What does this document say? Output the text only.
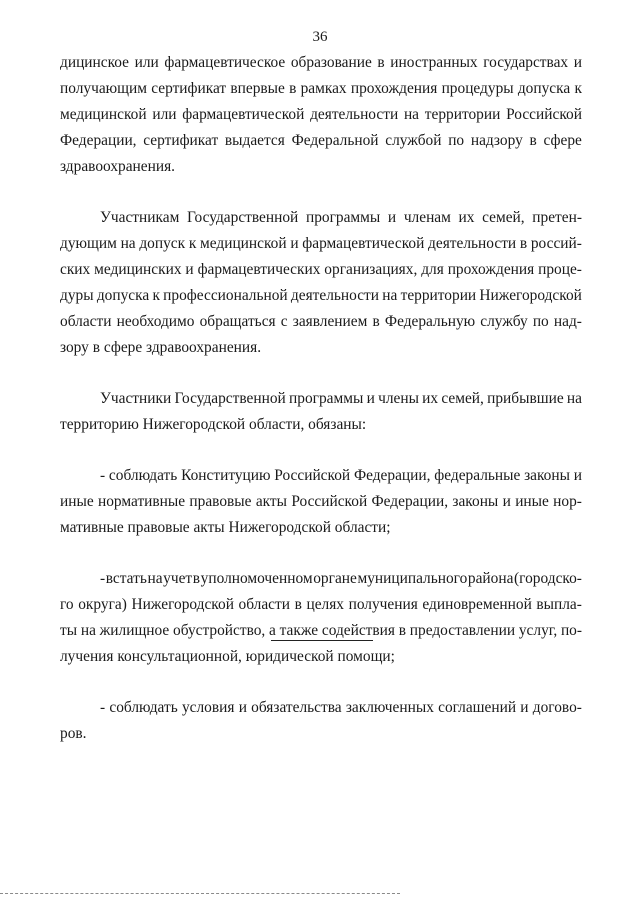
36
дицинское или фармацевтическое образование в иностранных государствах и
получающим сертификат впервые в рамках прохождения процедуры допуска к
медицинской или фармацевтической деятельности на территории Российской
Федерации, сертификат выдается Федеральной службой по надзору в сфере
здравоохранения.
Участникам Государственной программы и членам их семей, претен-
дующим на допуск к медицинской и фармацевтической деятельности в россий-
ских медицинских и фармацевтических организациях, для прохождения проце-
дуры допуска к профессиональной деятельности на территории Нижегородской
области необходимо обращаться с заявлением в Федеральную службу по над-
зору в сфере здравоохранения.
Участники Государственной программы и члены их семей, прибывшие на
территорию Нижегородской области, обязаны:
- соблюдать Конституцию Российской Федерации, федеральные законы и
иные нормативные правовые акты Российской Федерации, законы и иные нор-
мативные правовые акты Нижегородской области;
- встать на учет в уполномоченном органе муниципального района (городско-
го округа) Нижегородской области в целях получения единовременной выпла-
ты на жилищное обустройство, а также содействия в предоставлении услуг, по-
лучения консультационной, юридической помощи;
- соблюдать условия и обязательства заключенных соглашений и догово-
ров.
